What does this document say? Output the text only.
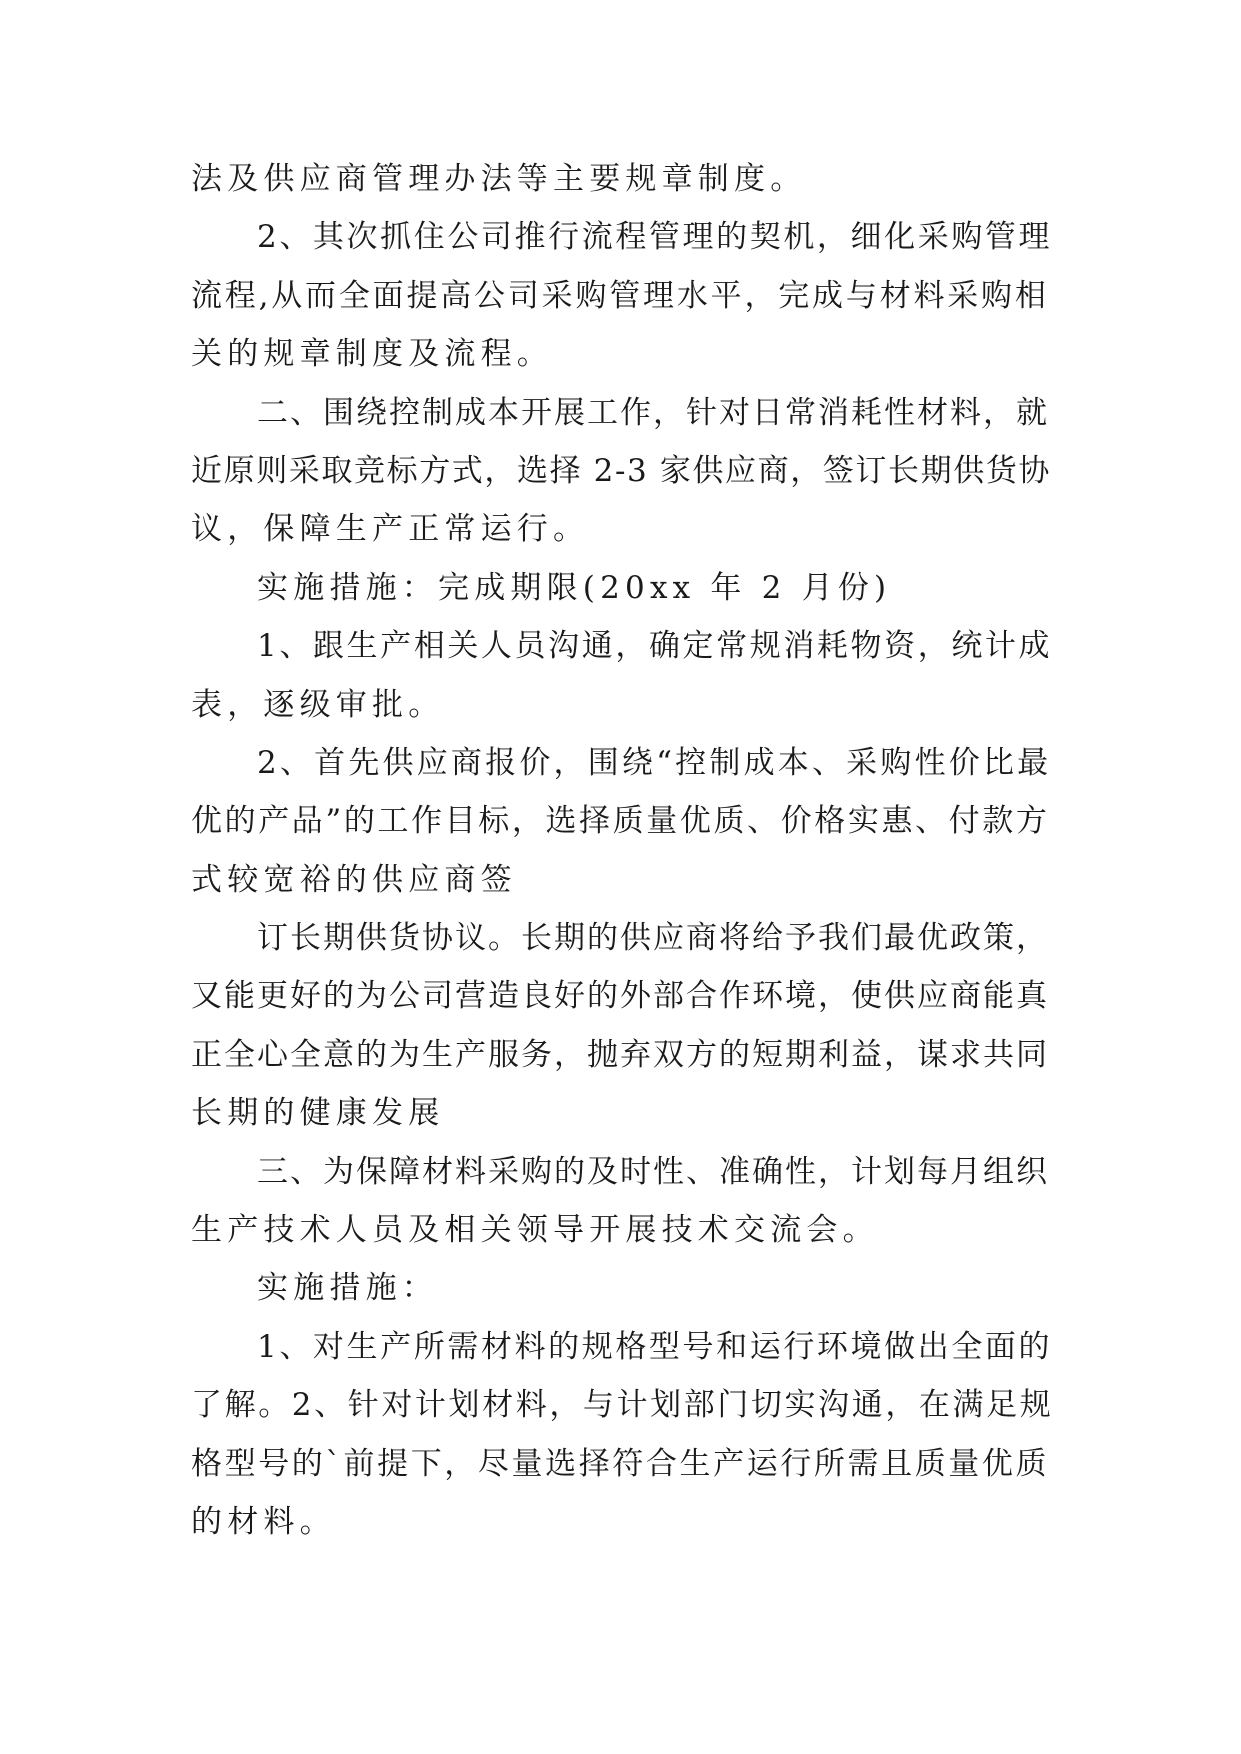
法及供应商管理办法等主要规章制度。
2、其次抓住公司推行流程管理的契机，细化采购管理
流程,从而全面提高公司采购管理水平，完成与材料采购相
关的规章制度及流程。
二、围绕控制成本开展工作，针对日常消耗性材料，就
近原则采取竞标方式，选择 2-3 家供应商，签订长期供货协
议，保障生产正常运行。
实施措施：完成期限(20xx 年 2 月份)
1、跟生产相关人员沟通，确定常规消耗物资，统计成
表，逐级审批。
2、首先供应商报价，围绕“控制成本、采购性价比最
优的产品”的工作目标，选择质量优质、价格实惠、付款方
式较宽裕的供应商签
订长期供货协议。长期的供应商将给予我们最优政策，
又能更好的为公司营造良好的外部合作环境，使供应商能真
正全心全意的为生产服务，抛弃双方的短期利益，谋求共同
长期的健康发展
三、为保障材料采购的及时性、准确性，计划每月组织
生产技术人员及相关领导开展技术交流会。
实施措施：
1、对生产所需材料的规格型号和运行环境做出全面的
了解。2、针对计划材料，与计划部门切实沟通，在满足规
格型号的`前提下，尽量选择符合生产运行所需且质量优质
的材料。
